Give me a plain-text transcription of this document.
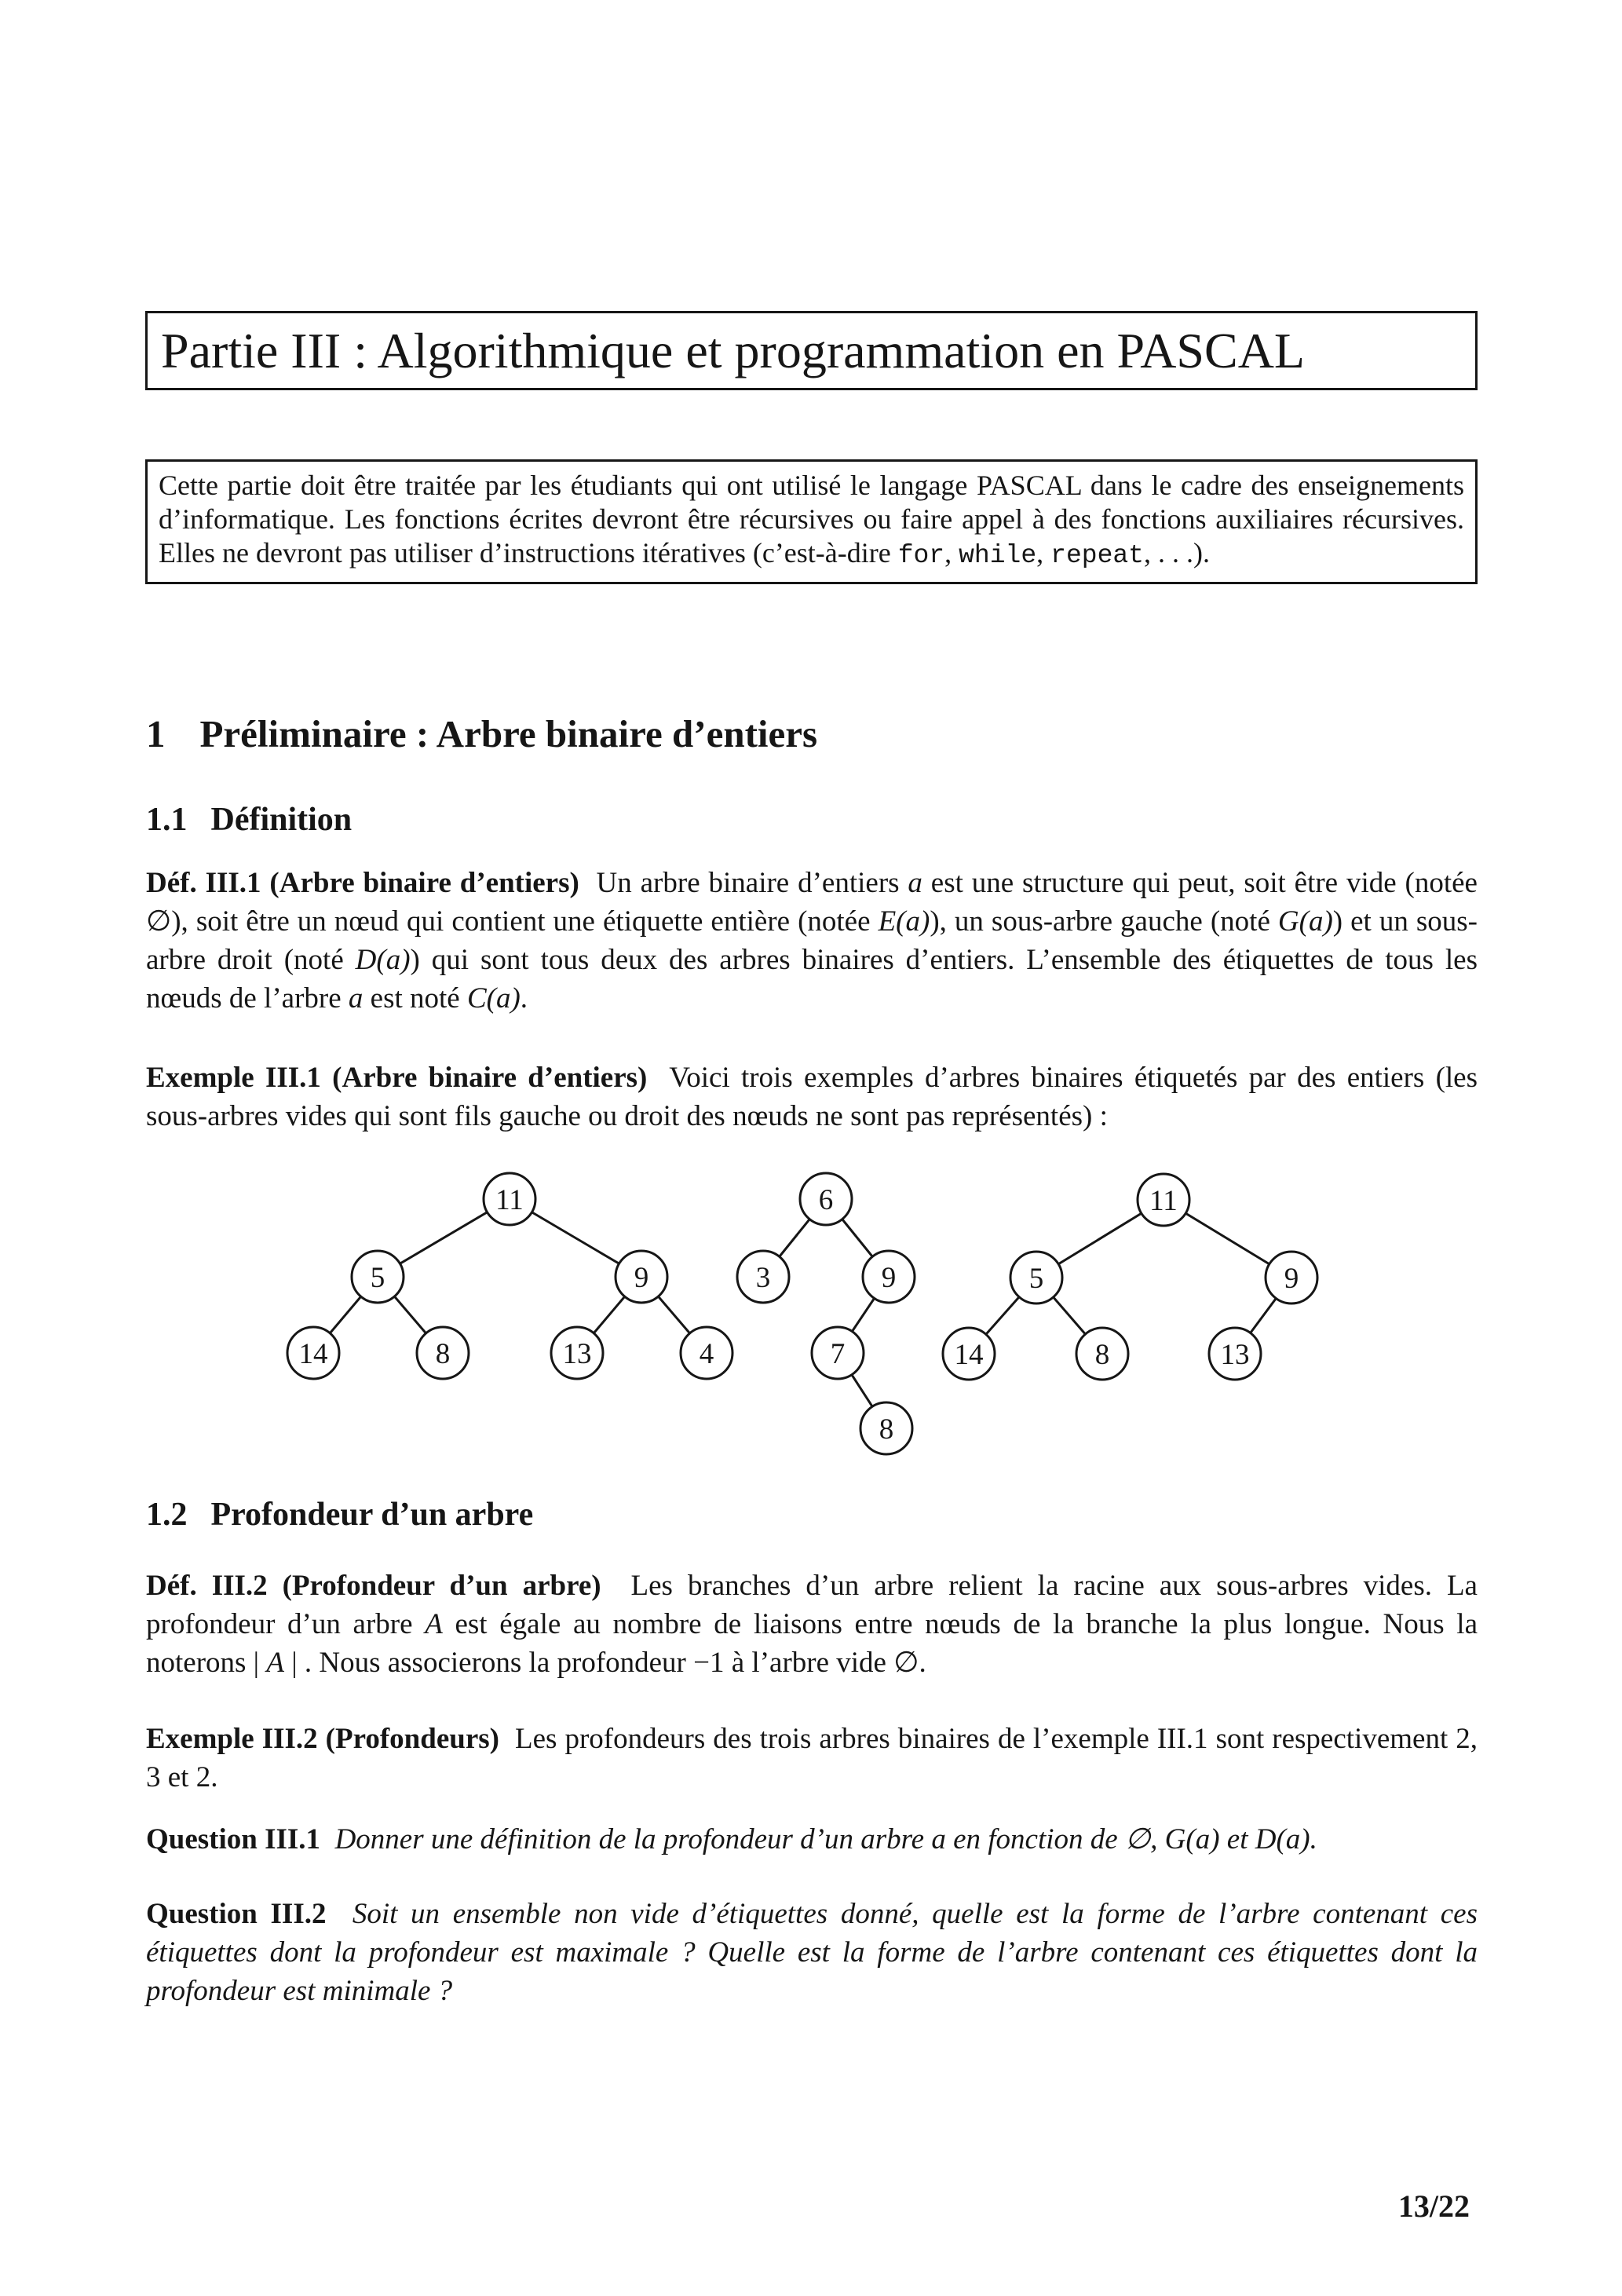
Partie III : Algorithmique et programmation en PASCAL
Cette partie doit être traitée par les étudiants qui ont utilisé le langage PASCAL dans le cadre des enseignements d’informatique. Les fonctions écrites devront être récursives ou faire appel à des fonctions auxiliaires récursives. Elles ne devront pas utiliser d’instructions itératives (c’est-à-dire for, while, repeat, . . .).
1 Préliminaire : Arbre binaire d’entiers
1.1 Définition

Déf. III.1 (Arbre binaire d’entiers)  Un arbre binaire d’entiers a est une structure qui peut, soit être vide (notée ∅), soit être un nœud qui contient une étiquette entière (notée E(a)), un sous-arbre gauche (noté G(a)) et un sous-arbre droit (noté D(a)) qui sont tous deux des arbres binaires d’entiers. L’ensemble des étiquettes de tous les nœuds de l’arbre a est noté C(a).

Exemple III.1 (Arbre binaire d’entiers)  Voici trois exemples d’arbres binaires étiquetés par des entiers (les sous-arbres vides qui sont fils gauche ou droit des nœuds ne sont pas représentés) :

11
5	9
14	8	13	4
6
3	9
7
8
11
5	9
14	8	13
1.2 Profondeur d’un arbre

Déf. III.2 (Profondeur d’un arbre)  Les branches d’un arbre relient la racine aux sous-arbres vides. La profondeur d’un arbre A est égale au nombre de liaisons entre nœuds de la branche la plus longue. Nous la noterons | A | . Nous associerons la profondeur −1 à l’arbre vide ∅.

Exemple III.2 (Profondeurs)  Les profondeurs des trois arbres binaires de l’exemple III.1 sont respectivement 2, 3 et 2.

Question III.1  Donner une définition de la profondeur d’un arbre a en fonction de ∅, G(a) et D(a).

Question III.2  Soit un ensemble non vide d’étiquettes donné, quelle est la forme de l’arbre contenant ces étiquettes dont la profondeur est maximale ? Quelle est la forme de l’arbre contenant ces étiquettes dont la profondeur est minimale ?

13/22
